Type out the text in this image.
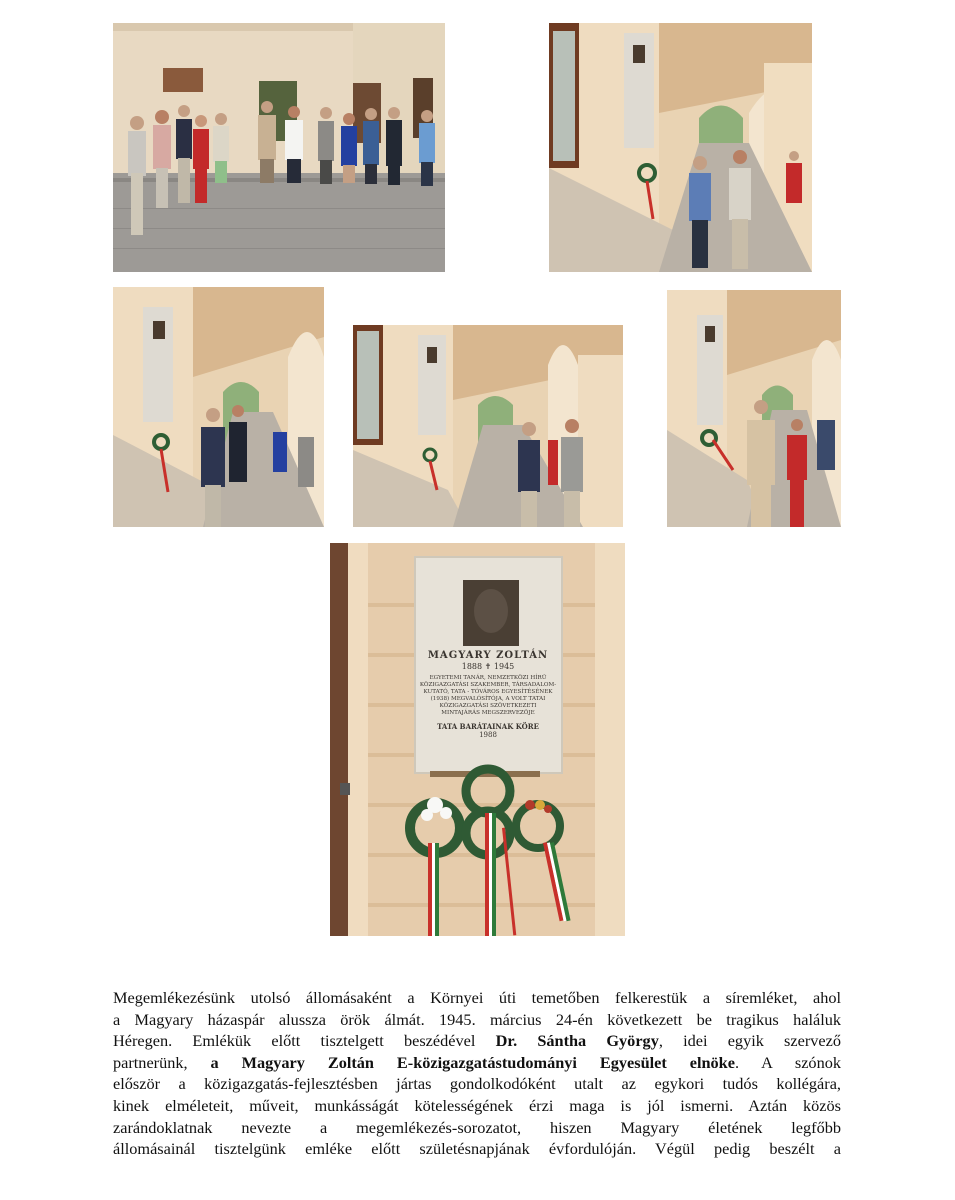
MAGYARY ZOLTÁN
1888 ✝ 1945
EGYETEMI TANÁR, NEMZETKÖZI HÍRŰ
KÖZIGAZGATÁSI SZAKEMBER, TÁRSADALOM-
KUTATÓ, TATA - TÓVÁROS EGYESÍTÉSÉNEK
(1938) MEGVALÓSÍTÓJA, A VOLT TATAI
KÖZIGAZGATÁSI SZÖVETKEZETI
MINTAJÁRÁS MEGSZERVEZŐJE
TATA BARÁTAINAK KÖRE
1988
Megemlékezésünk utolsó állomásaként a Környei úti temetőben felkerestük a síremléket, ahol
a Magyary házaspár alussza örök álmát. 1945. március 24-én következett be tragikus haláluk
Héregen. Emlékük előtt tisztelgett beszédével Dr. Sántha György, idei egyik szervező
partnerünk, a Magyary Zoltán E-közigazgatástudományi Egyesület elnöke. A szónok
először a közigazgatás-fejlesztésben jártas gondolkodóként utalt az egykori tudós kollégára,
kinek elméleteit, műveit, munkásságát kötelességének érzi maga is jól ismerni. Aztán közös
zarándoklatnak nevezte a megemlékezés-sorozatot, hiszen Magyary életének legfőbb
állomásainál tisztelgünk emléke előtt születésnapjának évfordulóján. Végül pedig beszélt a
